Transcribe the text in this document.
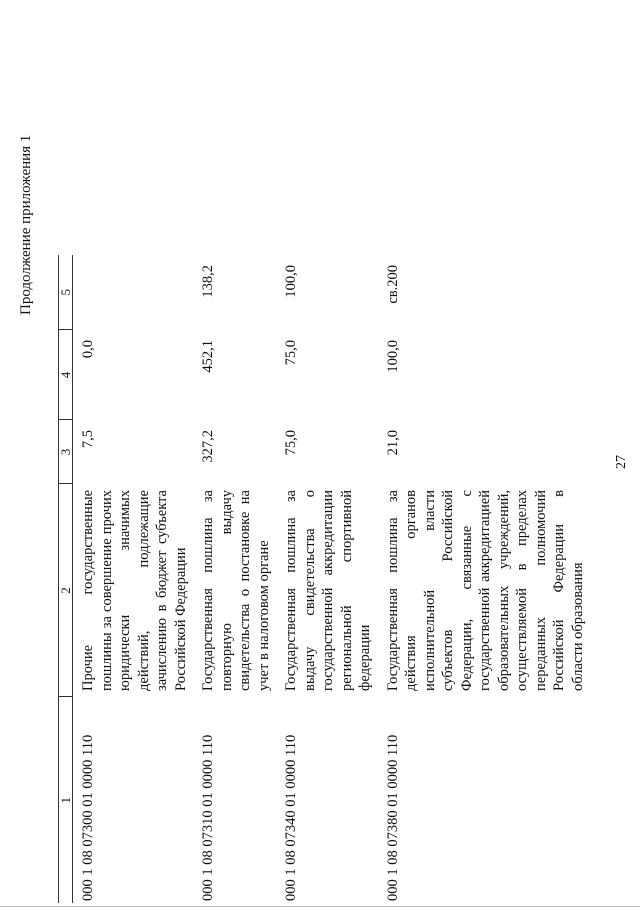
27
Продолжение приложения 1
1	2	3	4	5
000 1 08 07300 01 0000 110	Прочие государственные пошлины за совершение прочих юридически значимых действий, подлежащие зачислению в бюджет субъекта Российской Федерации	7,5	0,0	
000 1 08 07310 01 0000 110	Государственная пошлина за повторную выдачу свидетельства о постановке на учет в налоговом органе	327,2	452,1	138,2
000 1 08 07340 01 0000 110	Государственная пошлина за выдачу свидетельства о государственной аккредитации региональной спортивной федерации	75,0	75,0	100,0
000 1 08 07380 01 0000 110	Государственная пошлина за действия органов исполнительной власти субъектов Российской Федерации, связанные с государственной аккредитацией образовательных учреждений, осуществляемой в пределах переданных полномочий Российской Федерации в области образования	21,0	100,0	св.200
